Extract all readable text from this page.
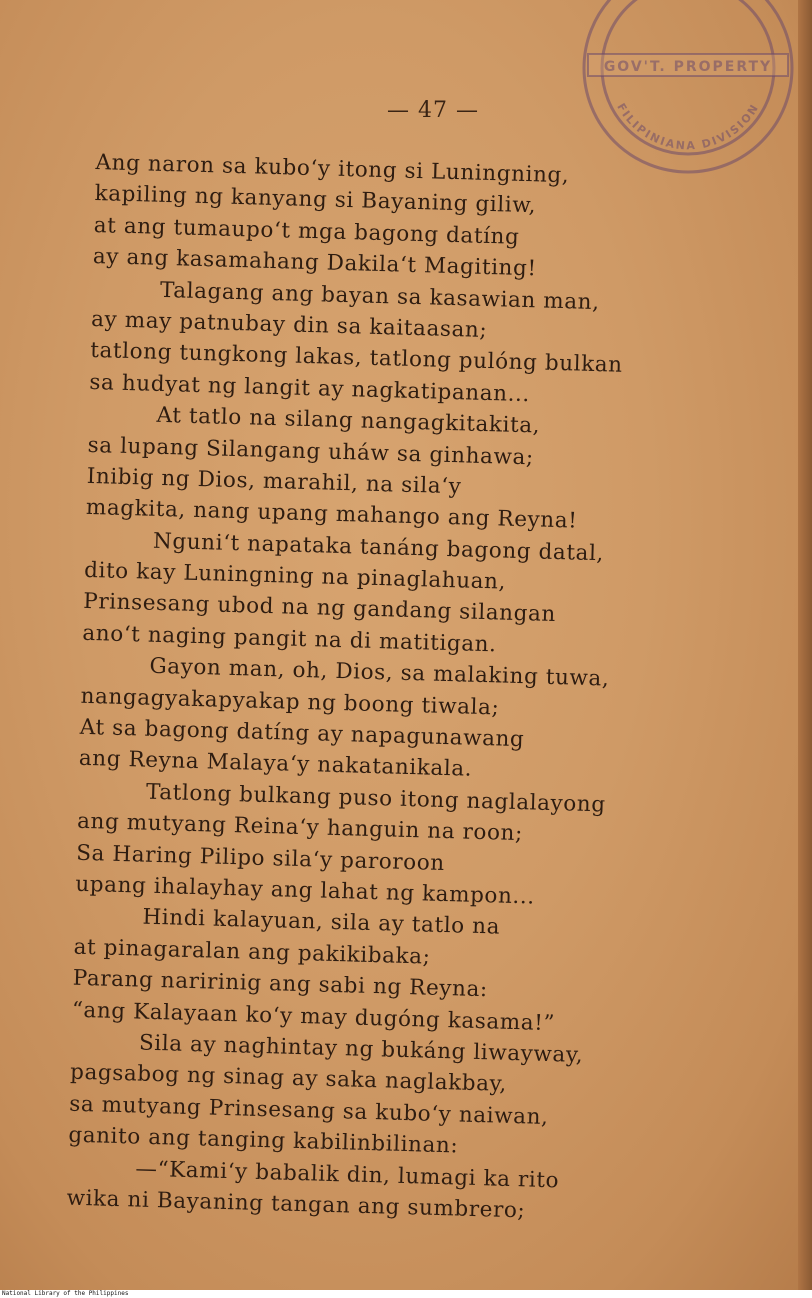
GOV'T. PROPERTY
FILIPINIANA DIVISION
— 47 —
Ang naron sa kubo‘y itong si Luningning,
kapiling ng kanyang si Bayaning giliw,
at ang tumaupo‘t mga bagong datíng
ay ang kasamahang Dakila‘t Magiting!
Talagang ang bayan sa kasawian man,
ay may patnubay din sa kaitaasan;
tatlong tungkong lakas, tatlong pulóng bulkan
sa hudyat ng langit ay nagkatipanan...
At tatlo na silang nangagkitakita,
sa lupang Silangang uháw sa ginhawa;
Inibig ng Dios, marahil, na sila‘y
magkita, nang upang mahango ang Reyna!
Nguni‘t napataka tanáng bagong datal,
dito kay Luningning na pinaglahuan,
Prinsesang ubod na ng gandang silangan
ano‘t naging pangit na di matitigan.
Gayon man, oh, Dios, sa malaking tuwa,
nangagyakapyakap ng boong tiwala;
At sa bagong datíng ay napagunawang
ang Reyna Malaya‘y nakatanikala.
Tatlong bulkang puso itong naglalayong
ang mutyang Reina‘y hanguin na roon;
Sa Haring Pilipo sila‘y paroroon
upang ihalayhay ang lahat ng kampon...
Hindi kalayuan, sila ay tatlo na
at pinagaralan ang pakikibaka;
Parang naririnig ang sabi ng Reyna:
“ang Kalayaan ko‘y may dugóng kasama!”
Sila ay naghintay ng bukáng liwayway,
pagsabog ng sinag ay saka naglakbay,
sa mutyang Prinsesang sa kubo‘y naiwan,
ganito ang tanging kabilinbilinan:
—“Kami‘y babalik din, lumagi ka rito
wika ni Bayaning tangan ang sumbrero;
National Library of the Philippines
